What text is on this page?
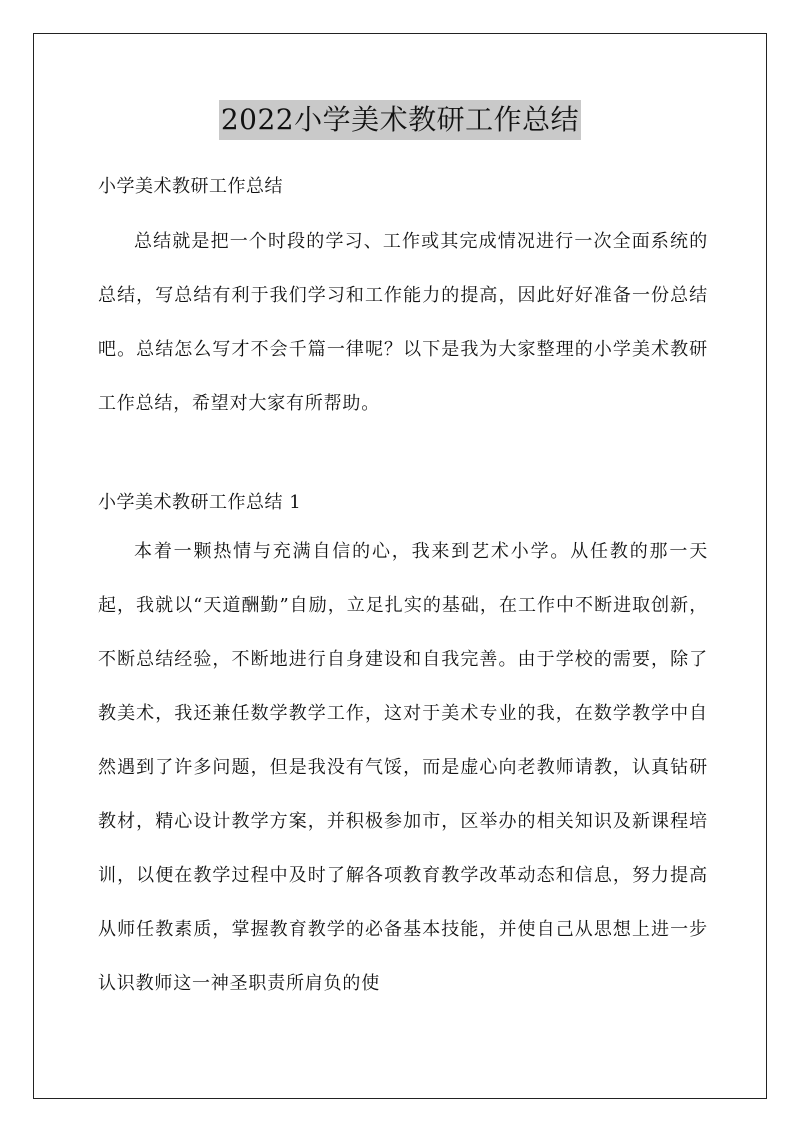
2022小学美术教研工作总结
小学美术教研工作总结
总结就是把一个时段的学习、工作或其完成情况进行一次全面系统的总结，写总结有利于我们学习和工作能力的提高，因此好好准备一份总结吧。总结怎么写才不会千篇一律呢？以下是我为大家整理的小学美术教研工作总结，希望对大家有所帮助。
小学美术教研工作总结 1
本着一颗热情与充满自信的心，我来到艺术小学。从任教的那一天起，我就以“天道酬勤”自励，立足扎实的基础，在工作中不断进取创新，不断总结经验，不断地进行自身建设和自我完善。由于学校的需要，除了教美术，我还兼任数学教学工作，这对于美术专业的我，在数学教学中自然遇到了许多问题，但是我没有气馁，而是虚心向老教师请教，认真钻研教材，精心设计教学方案，并积极参加市，区举办的相关知识及新课程培训，以便在教学过程中及时了解各项教育教学改革动态和信息，努力提高从师任教素质，掌握教育教学的必备基本技能，并使自己从思想上进一步认识教师这一神圣职责所肩负的使
